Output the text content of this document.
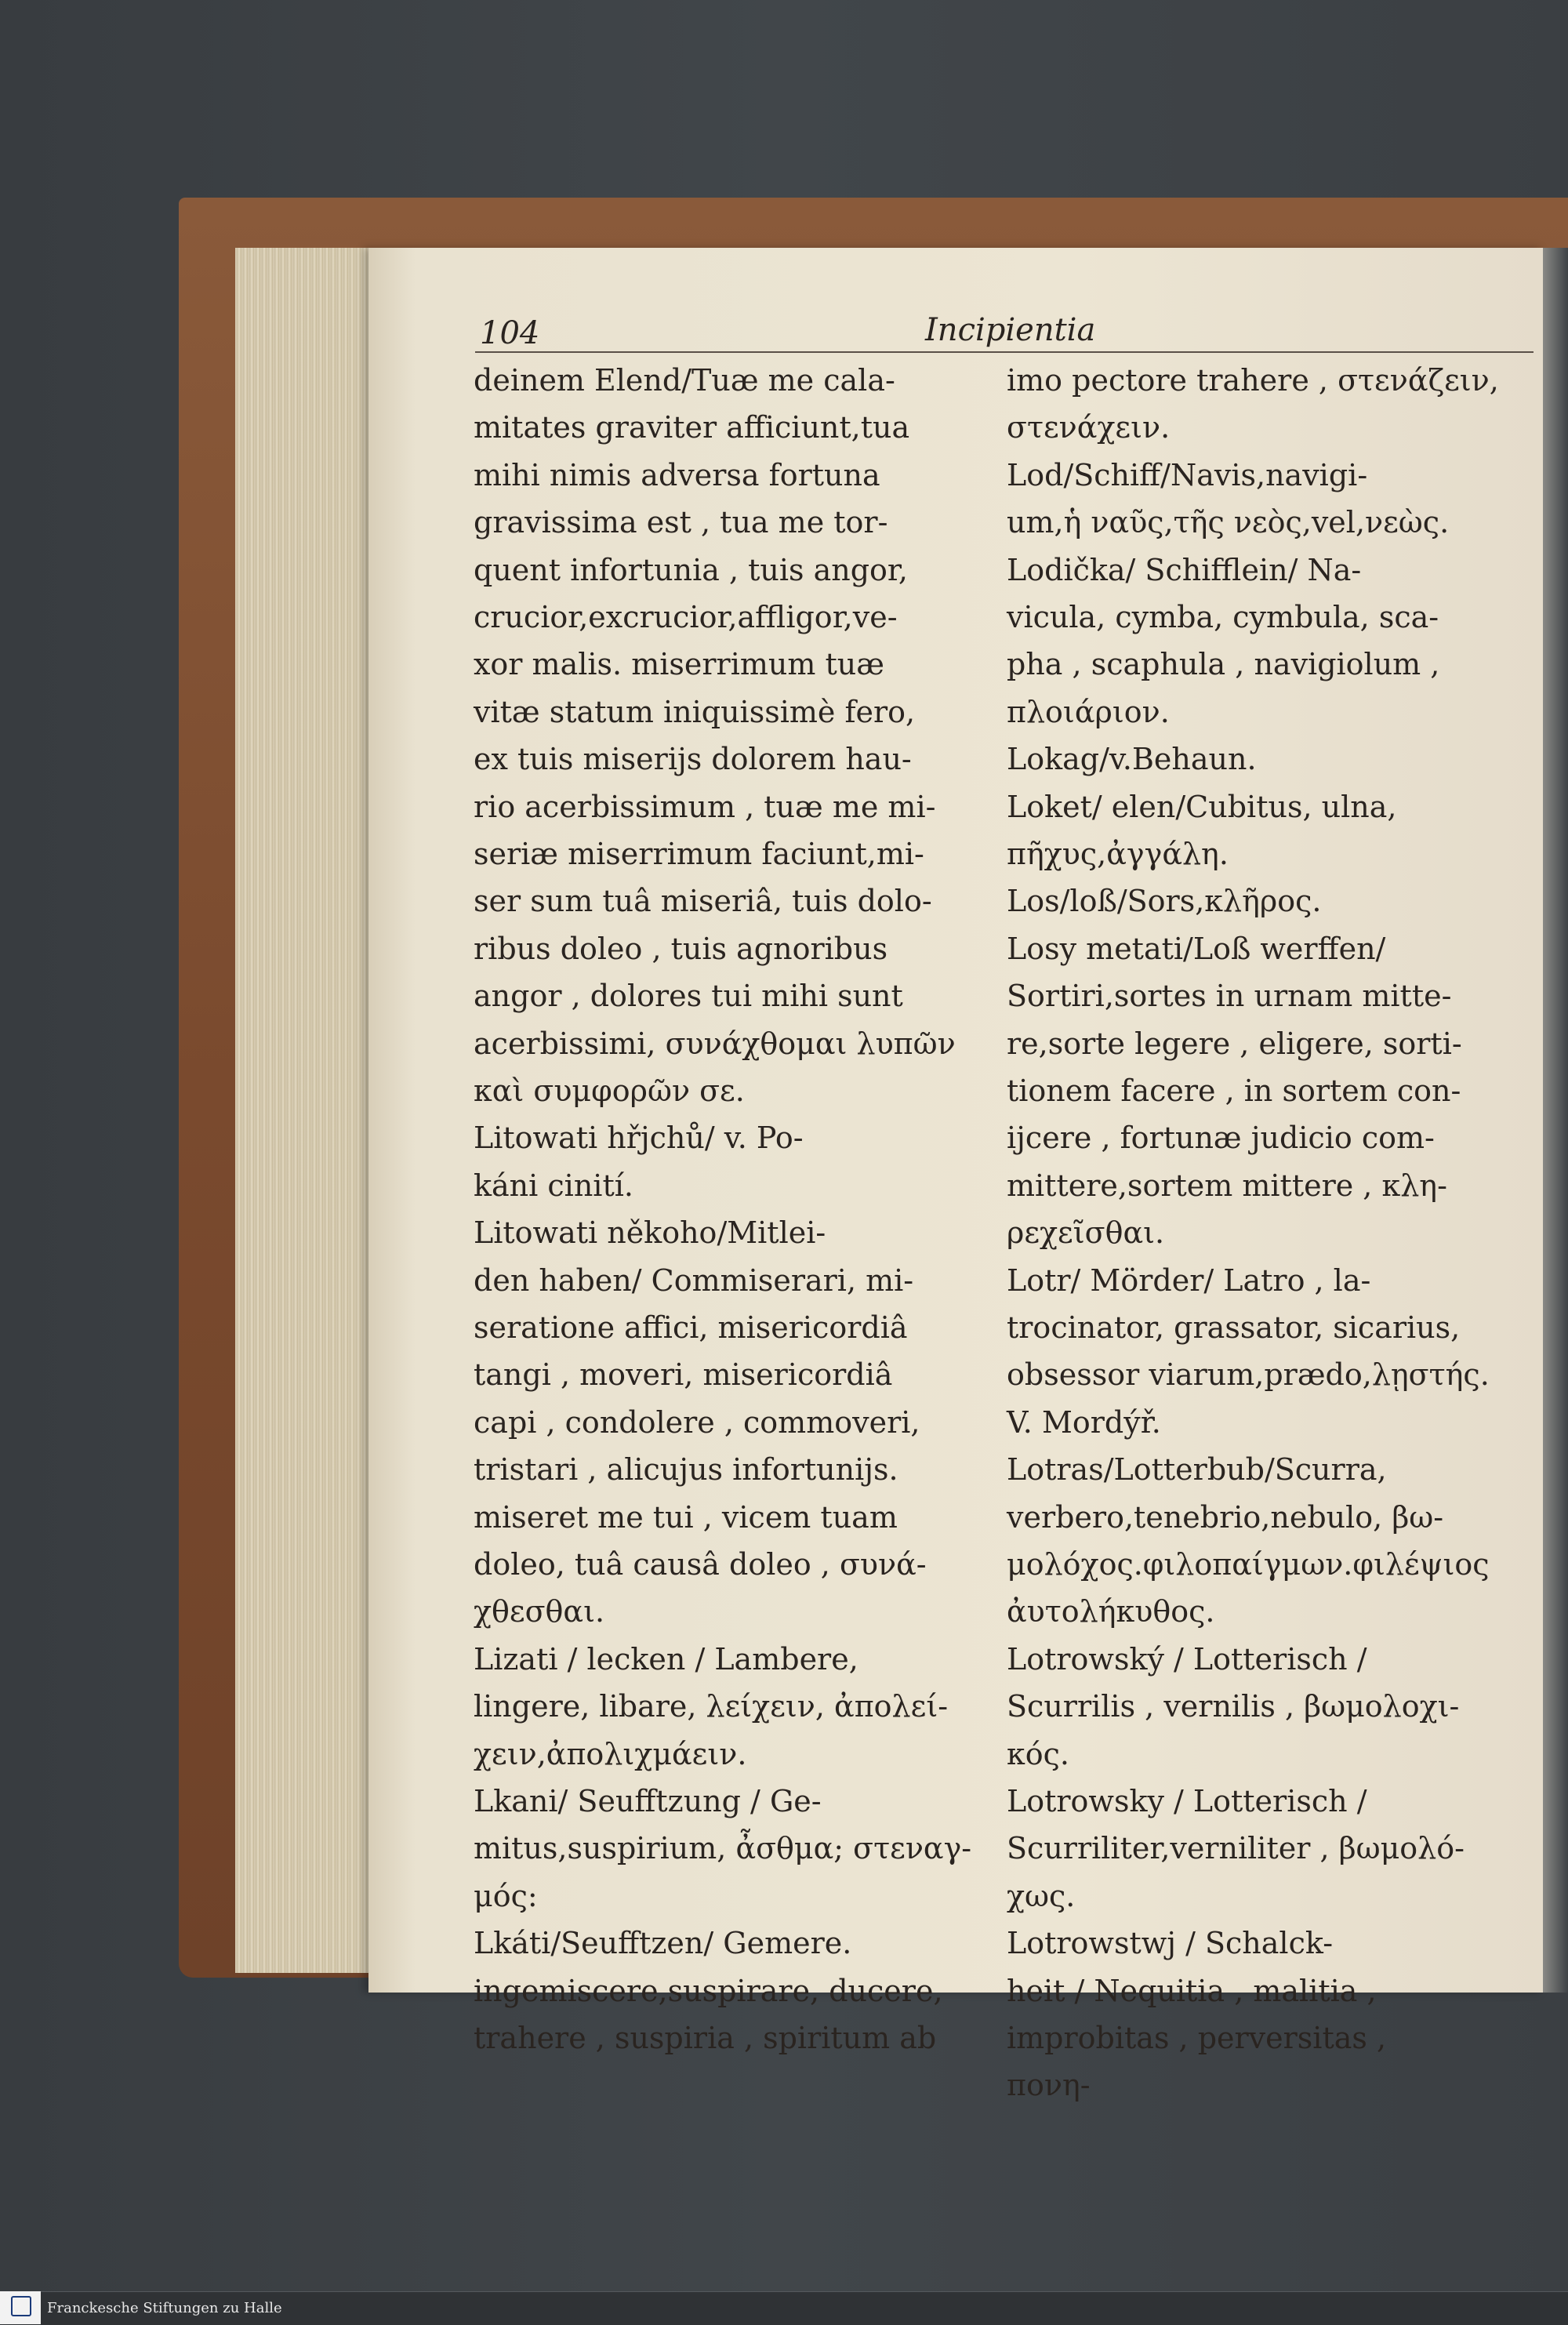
104	Incipientia
deinem Elend/Tuæ me cala-
mitates graviter afficiunt,tua
mihi nimis adversa fortuna
gravissima est , tua me tor-
quent infortunia , tuis angor,
crucior,excrucior,affligor,ve-
xor malis. miserrimum tuæ
vitæ statum iniquissimè fero,
ex tuis miserijs dolorem hau-
rio acerbissimum , tuæ me mi-
seriæ miserrimum faciunt,mi-
ser sum tuâ miseriâ, tuis dolo-
ribus doleo , tuis agnoribus
angor , dolores tui mihi sunt
acerbissimi, συνάχθομαι λυπῶν
καὶ συμφορῶν σε.
Litowati hřjchů/ v. Po-
káni cinití.
Litowati někoho/Mitlei-
den haben/ Commiserari, mi-
seratione affici, misericordiâ
tangi , moveri, misericordiâ
capi , condolere , commoveri,
tristari , alicujus infortunijs.
miseret me tui , vicem tuam
doleo, tuâ causâ doleo , συνά-
χθεσθαι.
Lizati / lecken / Lambere,
lingere, libare, λείχειν, ἀπολεί-
χειν,ἀπολιχμάειν.
Lkani/ Seufftzung / Ge-
mitus,suspirium, ἆσθμα; στεναγ-
μός:
Lkáti/Seufftzen/ Gemere.
ingemiscere,suspirare, ducere,
trahere , suspiria , spiritum ab
imo pectore trahere , στενάζειν,
στενάχειν.
Lod/Schiff/Navis,navigi-
um,ἡ ναῦς,τῆς νεὸς,vel,νεὼς.
Lodička/ Schifflein/ Na-
vicula, cymba, cymbula, sca-
pha , scaphula , navigiolum ,
πλοιάριον.
Lokag/v.Behaun.
Loket/ elen/Cubitus, ulna,
πῆχυς,ἀγγάλη.
Los/loß/Sors,κλῆρος.
Losy metati/Loß werffen/
Sortiri,sortes in urnam mitte-
re,sorte legere , eligere, sorti-
tionem facere , in sortem con-
ijcere , fortunæ judicio com-
mittere,sortem mittere , κλη-
ρεχεῖσθαι.
Lotr/ Mörder/ Latro , la-
trocinator, grassator, sicarius,
obsessor viarum,prædo,λῃστής.
V. Mordýř.
Lotras/Lotterbub/Scurra,
verbero,tenebrio,nebulo, βω-
μολόχος.φιλοπαίγμων.φιλέψιος
ἀυτολήκυθος.
Lotrowský / Lotterisch /
Scurrilis , vernilis , βωμολοχι-
κός.
Lotrowsky / Lotterisch /
Scurriliter,verniliter , βωμολό-
χως.
Lotrowstwj / Schalck-
heit / Nequitia , malitia ,
improbitas , perversitas ,
πονη-
Franckesche Stiftungen zu Halle
